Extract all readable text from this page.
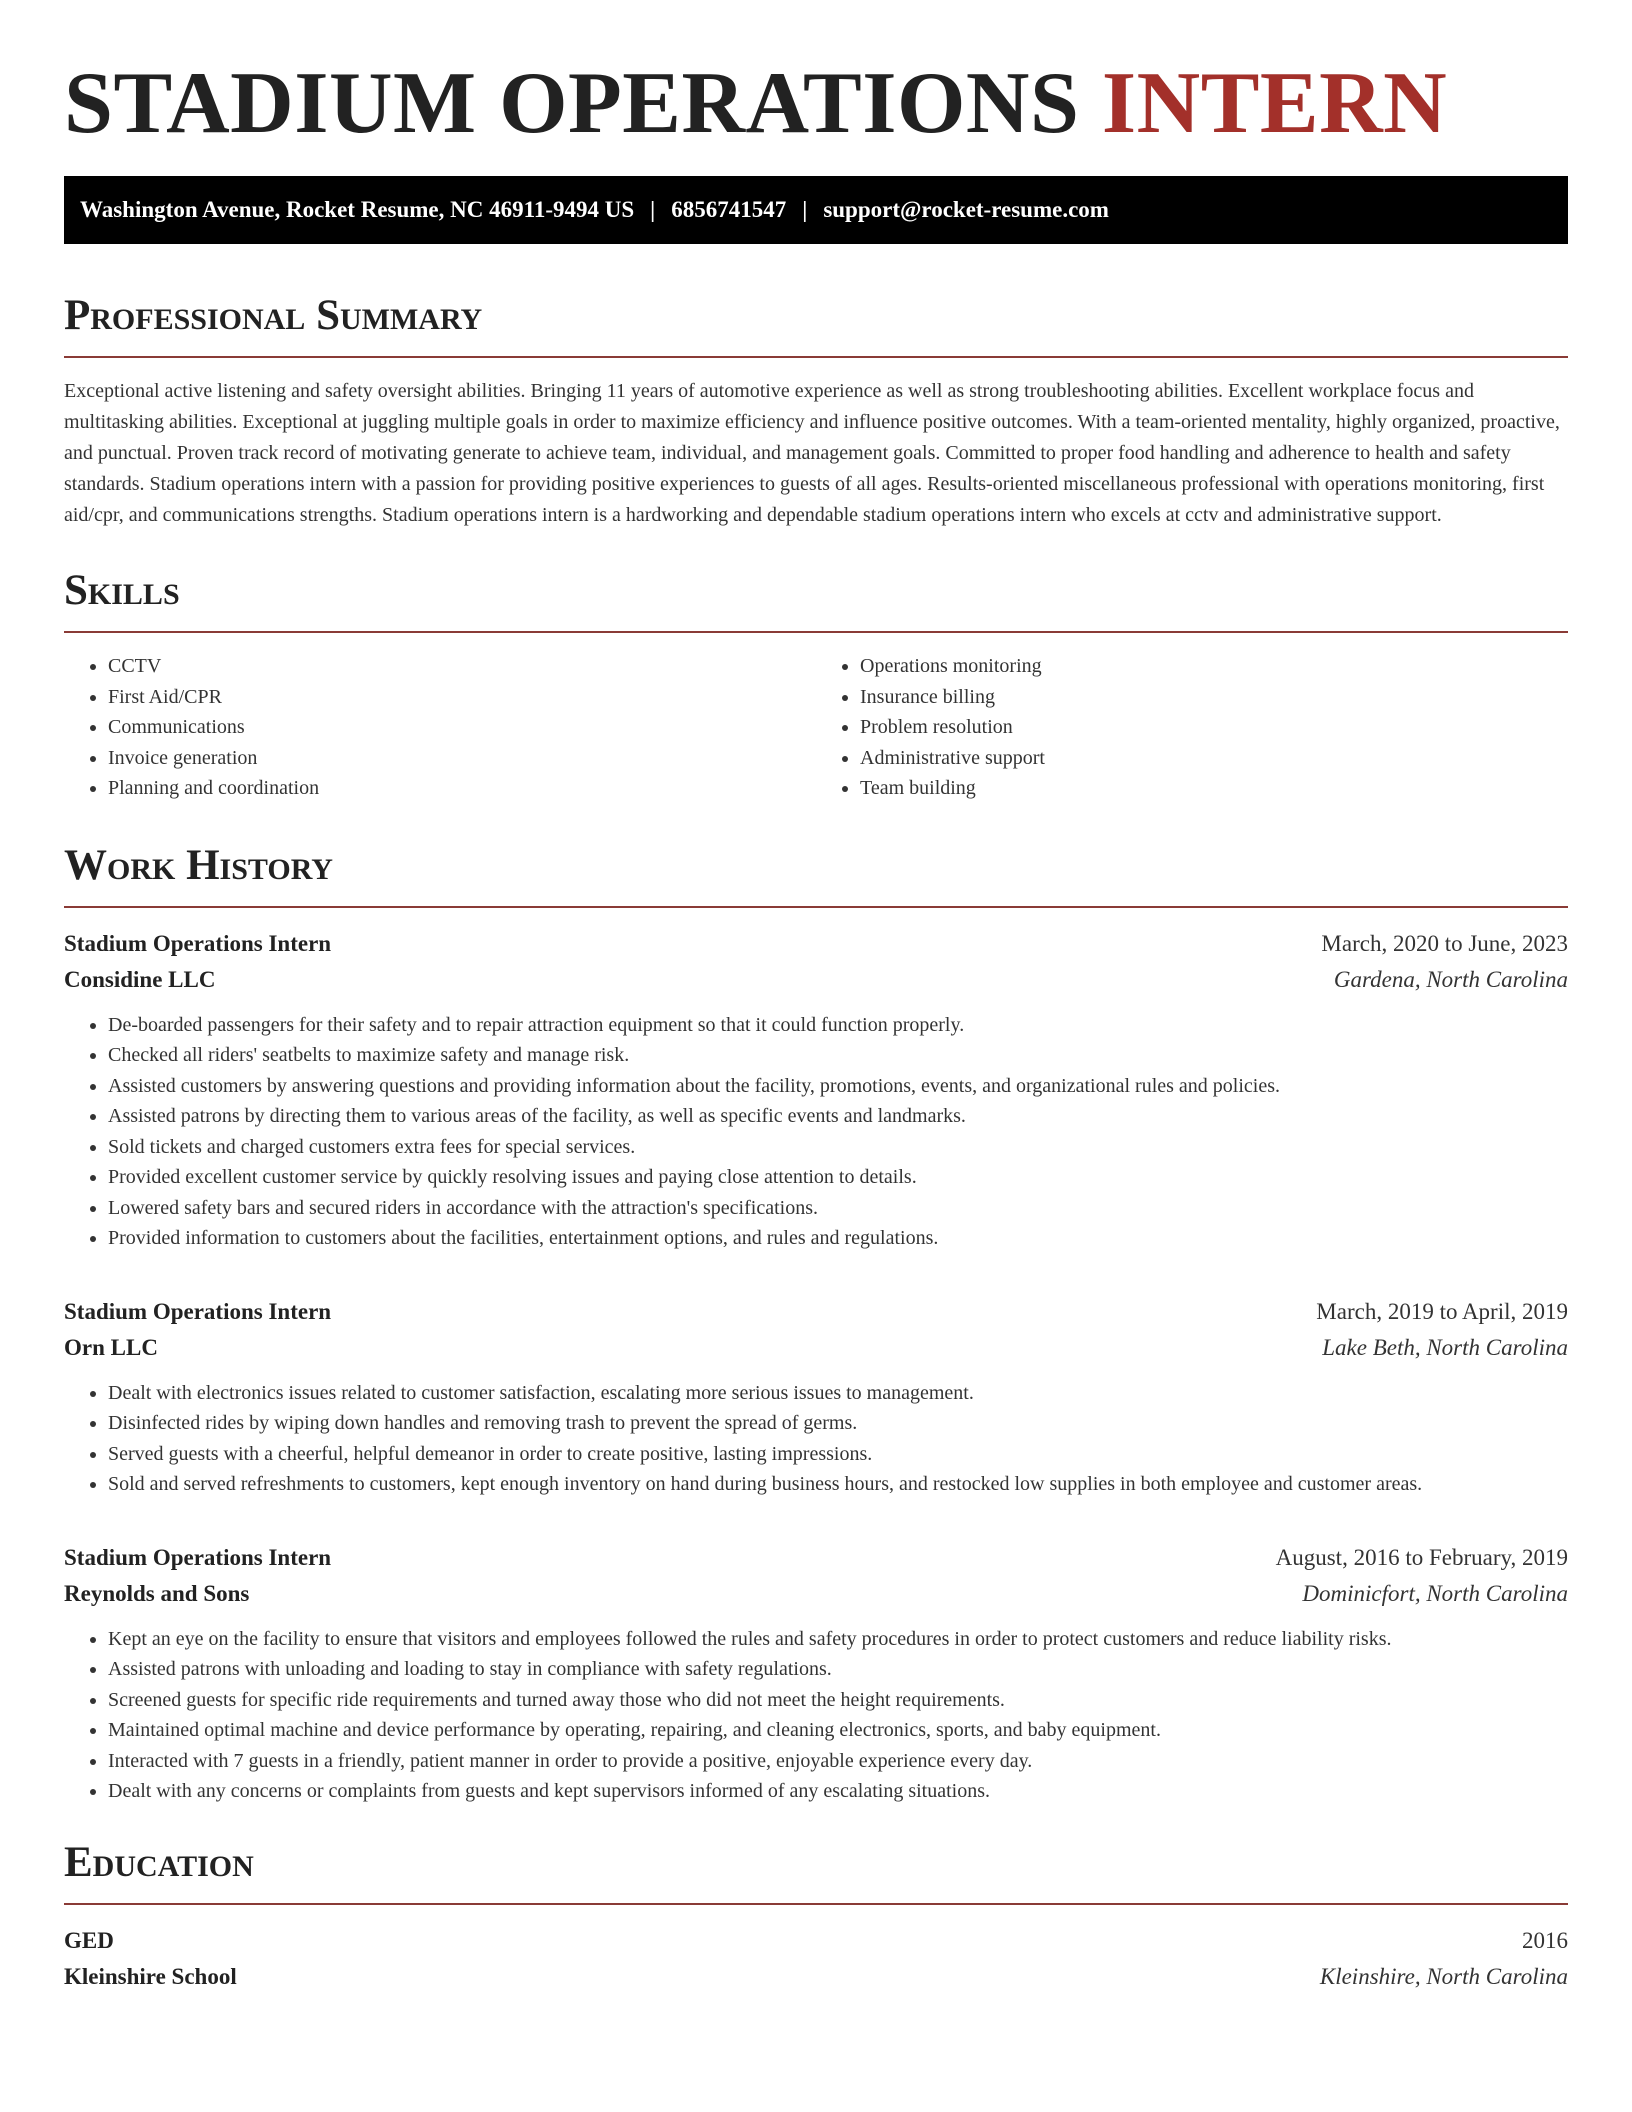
STADIUM OPERATIONS INTERN
Washington Avenue, Rocket Resume, NC 46911-9494 US | 6856741547 | support@rocket-resume.com
Professional Summary

Exceptional active listening and safety oversight abilities. Bringing 11 years of automotive experience as well as strong troubleshooting abilities. Excellent workplace focus and multitasking abilities. Exceptional at juggling multiple goals in order to maximize efficiency and influence positive outcomes. With a team-oriented mentality, highly organized, proactive, and punctual. Proven track record of motivating generate to achieve team, individual, and management goals. Committed to proper food handling and adherence to health and safety standards. Stadium operations intern with a passion for providing positive experiences to guests of all ages. Results-oriented miscellaneous professional with operations monitoring, first aid/cpr, and communications strengths. Stadium operations intern is a hardworking and dependable stadium operations intern who excels at cctv and administrative support.

Skills
• CCTV
• First Aid/CPR
• Communications
• Invoice generation
• Planning and coordination
• Operations monitoring
• Insurance billing
• Problem resolution
• Administrative support
• Team building
Work History
Stadium Operations Intern	March, 2020 to June, 2023
Considine LLC	Gardena, North Carolina
• De-boarded passengers for their safety and to repair attraction equipment so that it could function properly.
• Checked all riders' seatbelts to maximize safety and manage risk.
• Assisted customers by answering questions and providing information about the facility, promotions, events, and organizational rules and policies.
• Assisted patrons by directing them to various areas of the facility, as well as specific events and landmarks.
• Sold tickets and charged customers extra fees for special services.
• Provided excellent customer service by quickly resolving issues and paying close attention to details.
• Lowered safety bars and secured riders in accordance with the attraction's specifications.
• Provided information to customers about the facilities, entertainment options, and rules and regulations.
Stadium Operations Intern	March, 2019 to April, 2019
Orn LLC	Lake Beth, North Carolina
• Dealt with electronics issues related to customer satisfaction, escalating more serious issues to management.
• Disinfected rides by wiping down handles and removing trash to prevent the spread of germs.
• Served guests with a cheerful, helpful demeanor in order to create positive, lasting impressions.
• Sold and served refreshments to customers, kept enough inventory on hand during business hours, and restocked low supplies in both employee and customer areas.
Stadium Operations Intern	August, 2016 to February, 2019
Reynolds and Sons	Dominicfort, North Carolina
• Kept an eye on the facility to ensure that visitors and employees followed the rules and safety procedures in order to protect customers and reduce liability risks.
• Assisted patrons with unloading and loading to stay in compliance with safety regulations.
• Screened guests for specific ride requirements and turned away those who did not meet the height requirements.
• Maintained optimal machine and device performance by operating, repairing, and cleaning electronics, sports, and baby equipment.
• Interacted with 7 guests in a friendly, patient manner in order to provide a positive, enjoyable experience every day.
• Dealt with any concerns or complaints from guests and kept supervisors informed of any escalating situations.
Education
GED	2016
Kleinshire School	Kleinshire, North Carolina
